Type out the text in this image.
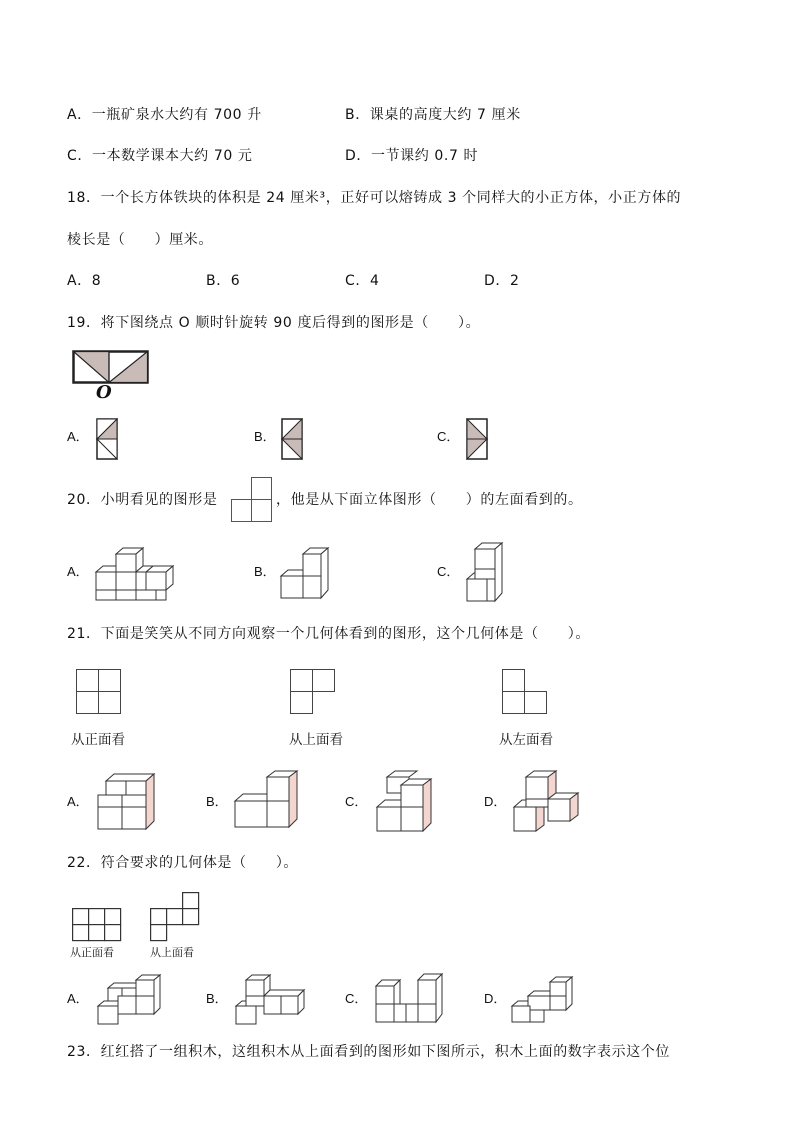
A．一瓶矿泉水大约有 700 升	B．课桌的高度大约 7 厘米
C．一本数学课本大约 70 元	D．一节课约 0.7 时
18．一个长方体铁块的体积是 24 厘米³，正好可以熔铸成 3 个同样大的小正方体，小正方体的
棱长是（　　）厘米。
A．8	B．6	C．4	D．2
19．将下图绕点 O 顺时针旋转 90 度后得到的图形是（　　）。
O
A．	B．	C．
20．小明看见的图形是	，他是从下面立体图形（　　）的左面看到的。
A．	B．	C．
21．下面是笑笑从不同方向观察一个几何体看到的图形，这个几何体是（　　）。
从正面看	从上面看	从左面看
A．	B．	C．	D．
22．符合要求的几何体是（　　）。
从正面看	从上面看
A．	B．	C．	D．
23．红红搭了一组积木，这组积木从上面看到的图形如下图所示，积木上面的数字表示这个位
